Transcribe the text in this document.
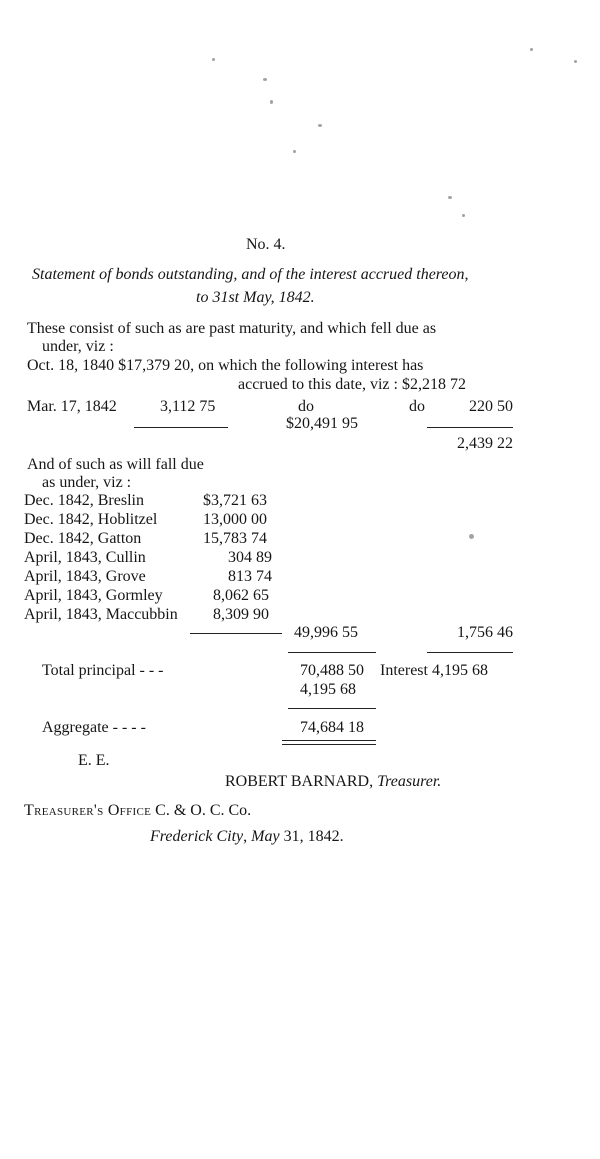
No. 4.
Statement of bonds outstanding, and of the interest accrued thereon,
to 31st May, 1842.
These consist of such as are past maturity, and which fell due as
under, viz :
Oct. 18, 1840 $17,379 20, on which the following interest has
accrued to this date, viz : $2,218 72
Mar. 17, 1842	3,112 75	do	do	220 50
$20,491 95
2,439 22
And of such as will fall due
as under, viz :
Dec. 1842, Breslin	$3,721 63
Dec. 1842, Hoblitzel	13,000 00
Dec. 1842, Gatton	15,783 74
April, 1843, Cullin	304 89
April, 1843, Grove	813 74
April, 1843, Gormley	8,062 65
April, 1843, Maccubbin 8,309 90
49,996 55	1,756 46
Total principal - - -	70,488 50 Interest 4,195 68
4,195 68
Aggregate - - - -	74,684 18
E. E.
ROBERT BARNARD, Treasurer.
Treasurer's Office C. & O. C. Co.
Frederick City, May 31, 1842.
